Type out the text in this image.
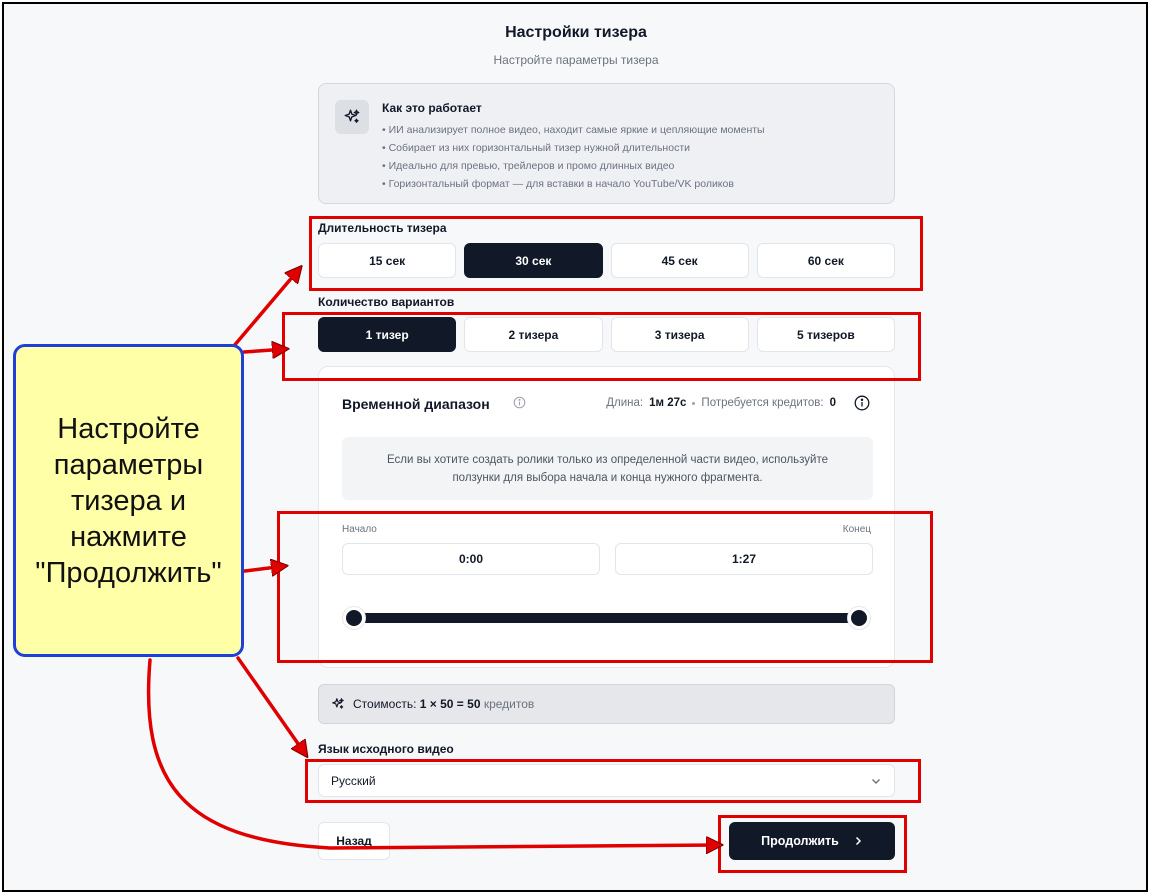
Настройки тизера
Настройте параметры тизера
Как это работает
• ИИ анализирует полное видео, находит самые яркие и цепляющие моменты
• Собирает из них горизонтальный тизер нужной длительности
• Идеально для превью, трейлеров и промо длинных видео
• Горизонтальный формат — для вставки в начало YouTube/VK роликов
Длительность тизера
15 сек	30 сек	45 сек	60 сек
Количество вариантов
1 тизер	2 тизера	3 тизера	5 тизеров
Временной диапазон	Длина: 1м 27с Потребуется кредитов: 0
Если вы хотите создать ролики только из определенной части видео, используйте ползунки для выбора начала и конца нужного фрагмента.
Начало	Конец
0:00	1:27
Стоимость: 1 × 50 = 50 кредитов
Язык исходного видео
Русский
Назад	Продолжить
Настройте параметры тизера и нажмите "Продолжить"
